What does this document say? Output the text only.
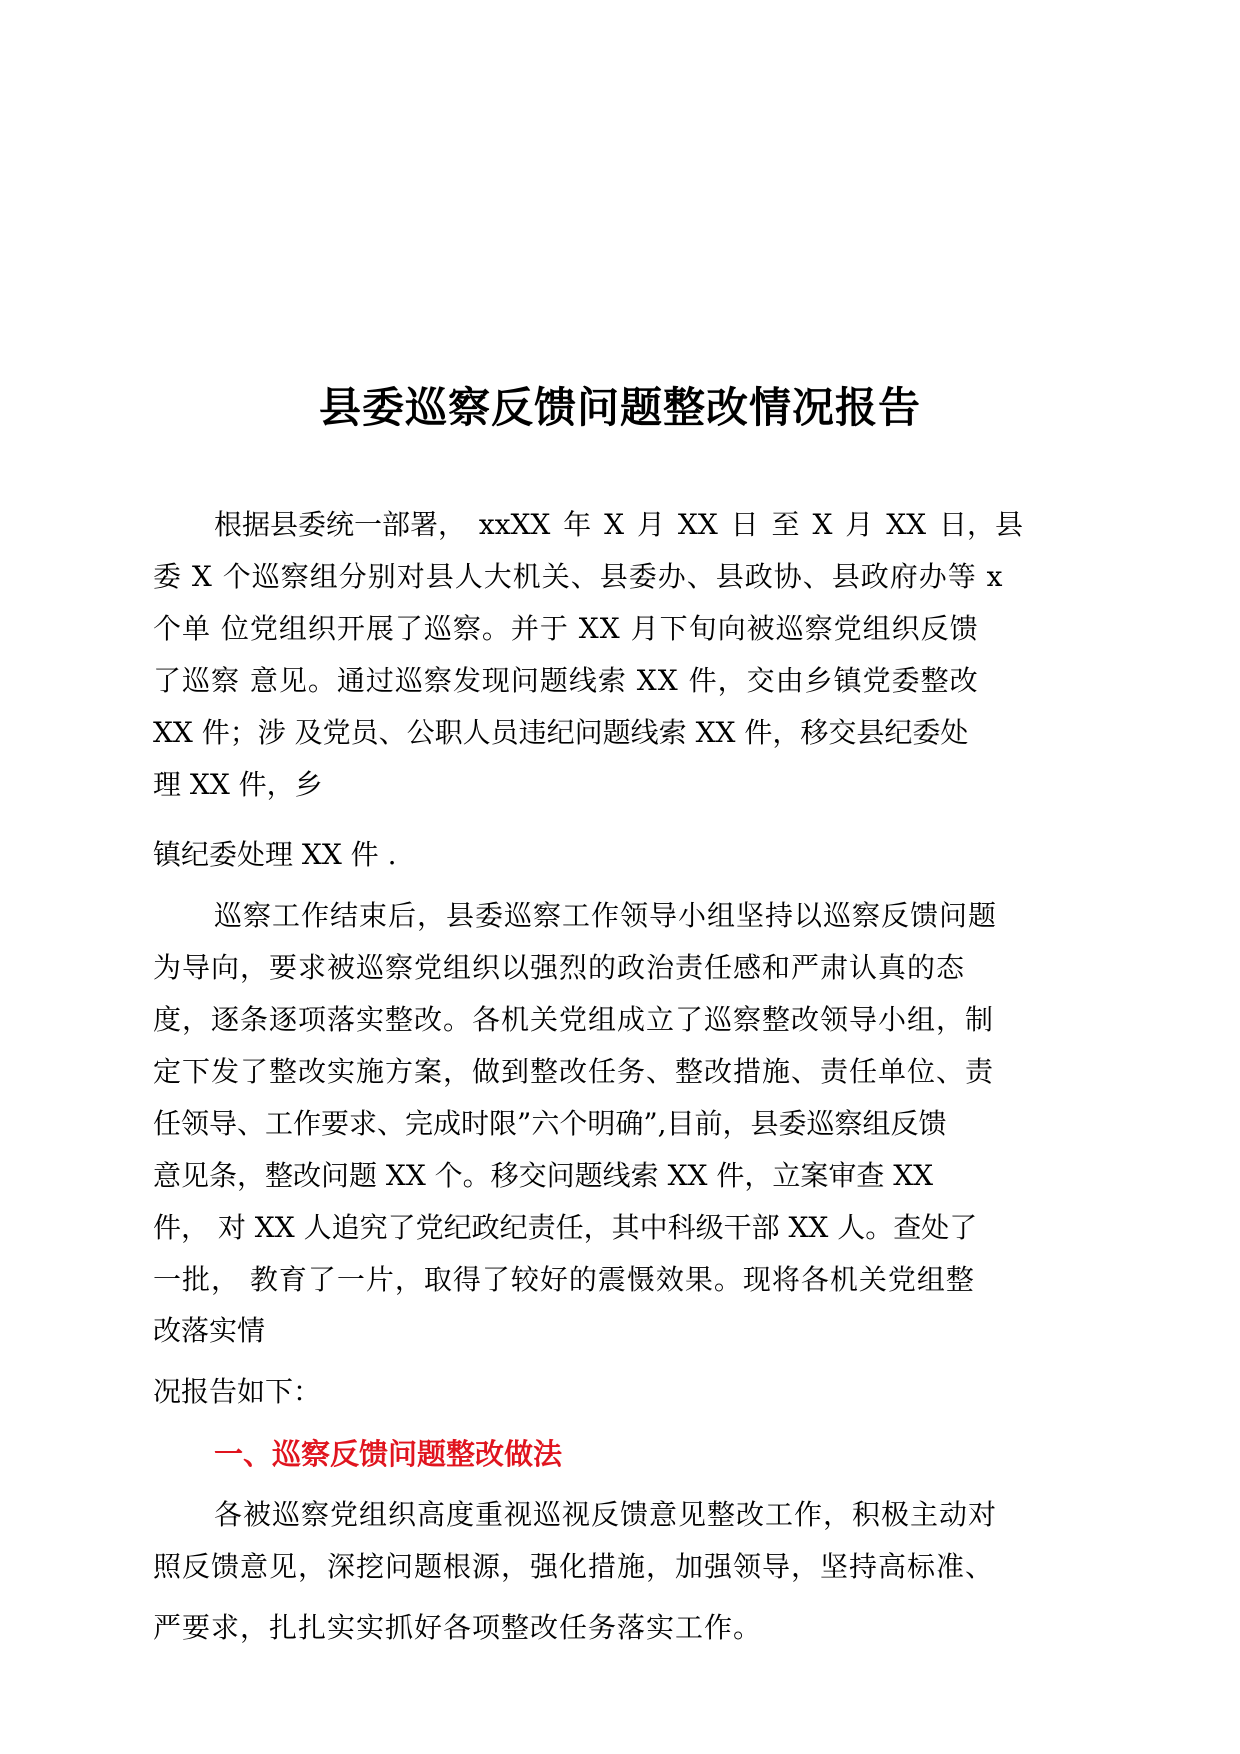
县委巡察反馈问题整改情况报告

根据县委统一部署， xxXX 年 X 月 XX 日 至 X 月 XX 日，县

委 X 个巡察组分别对县人大机关、县委办、县政协、县政府办等 x

个单 位党组织开展了巡察。并于 XX 月下旬向被巡察党组织反馈

了巡察 意见。通过巡察发现问题线索 XX 件，交由乡镇党委整改

XX 件；涉 及党员、公职人员违纪问题线索 XX 件，移交县纪委处

理 XX 件，乡

镇纪委处理 XX 件 .

巡察工作结束后，县委巡察工作领导小组坚持以巡察反馈问题

为导向，要求被巡察党组织以强烈的政治责任感和严肃认真的态

度，逐条逐项落实整改。各机关党组成立了巡察整改领导小组，制

定下发了整改实施方案，做到整改任务、整改措施、责任单位、责

任领导、工作要求、完成时限”六个明确”,目前，县委巡察组反馈

意见条，整改问题 XX 个。移交问题线索 XX 件，立案审查 XX

件， 对 XX 人追究了党纪政纪责任，其中科级干部 XX 人。查处了

一批， 教育了一片，取得了较好的震慑效果。现将各机关党组整

改落实情

况报告如下：

一、巡察反馈问题整改做法

各被巡察党组织高度重视巡视反馈意见整改工作，积极主动对

照反馈意见，深挖问题根源，强化措施，加强领导，坚持高标准、

严要求，扎扎实实抓好各项整改任务落实工作。
